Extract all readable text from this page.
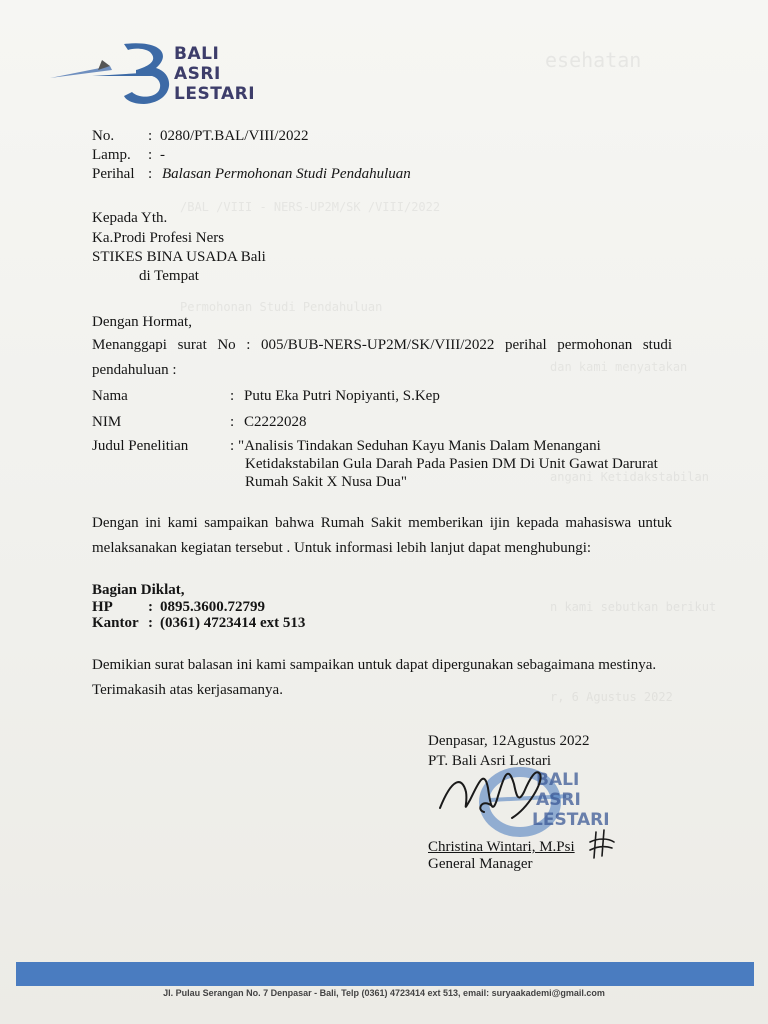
esehatan
/BAL /VIII - NERS-UP2M/SK /VIII/2022
Permohonan Studi Pendahuluan
dan kami menyatakan
angani Ketidakstabilan
n kami sebutkan berikut
r, 6 Agustus 2022
BALI
ASRI
LESTARI
No. : 0280/PT.BAL/VIII/2022
Lamp. : -
Perihal : Balasan Permohonan Studi Pendahuluan
Kepada Yth.
Ka.Prodi Profesi Ners
STIKES BINA USADA Bali
di Tempat
Dengan Hormat,
Menanggapi surat No : 005/BUB-NERS-UP2M/SK/VIII/2022 perihal permohonan studi
pendahuluan :
Nama	: Putu Eka Putri Nopiyanti, S.Kep
NIM	: C2222028
Judul Penelitian	: "Analisis Tindakan Seduhan Kayu Manis Dalam Menangani
Ketidakstabilan Gula Darah Pada Pasien DM Di Unit Gawat Darurat
Rumah Sakit X Nusa Dua"
Dengan ini kami sampaikan bahwa Rumah Sakit memberikan ijin kepada mahasiswa untuk
melaksanakan kegiatan tersebut . Untuk informasi lebih lanjut dapat menghubungi:
Bagian Diklat,
HP : 0895.3600.72799
Kantor : (0361) 4723414 ext 513
Demikian surat balasan ini kami sampaikan untuk dapat dipergunakan sebagaimana mestinya.
Terimakasih atas kerjasamanya.
Denpasar, 12Agustus 2022
PT. Bali Asri Lestari
BALI
ASRI
LESTARI
Christina Wintari, M.Psi
General Manager
Jl. Pulau Serangan No. 7 Denpasar - Bali, Telp (0361) 4723414 ext 513, email: suryaakademi@gmail.com
